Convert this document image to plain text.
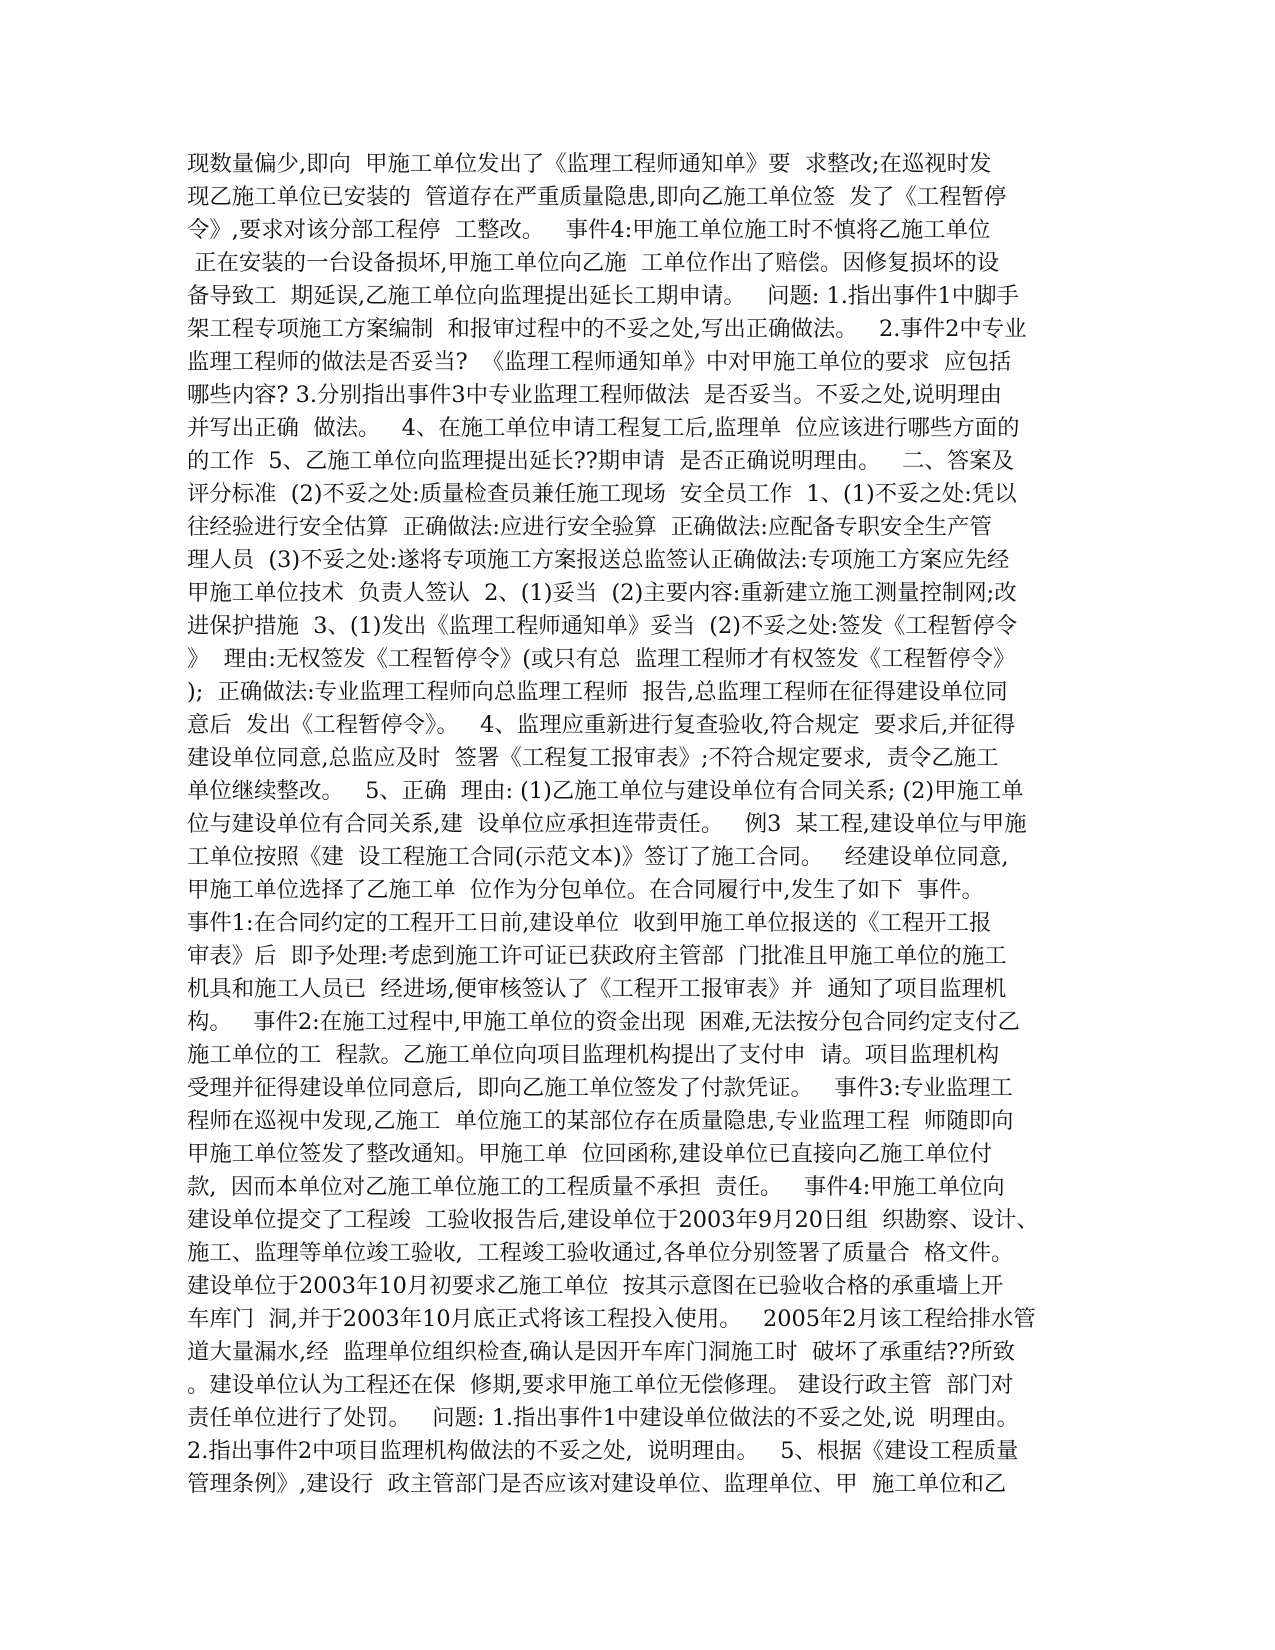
现数量偏少,即向  甲施工单位发出了《监理工程师通知单》要  求整改;在巡视时发
现乙施工单位已安装的  管道存在严重质量隐患,即向乙施工单位签  发了《工程暂停
令》,要求对该分部工程停  工整改。   事件4:甲施工单位施工时不慎将乙施工单位
正在安装的一台设备损坏,甲施工单位向乙施  工单位作出了赔偿。因修复损坏的设
备导致工  期延误,乙施工单位向监理提出延长工期申请。   问题: 1.指出事件1中脚手
架工程专项施工方案编制  和报审过程中的不妥之处,写出正确做法。   2.事件2中专业
监理工程师的做法是否妥当?  《监理工程师通知单》中对甲施工单位的要求  应包括
哪些内容? 3.分别指出事件3中专业监理工程师做法  是否妥当。不妥之处,说明理由
并写出正确  做法。   4、在施工单位申请工程复工后,监理单  位应该进行哪些方面的
的工作  5、乙施工单位向监理提出延长??期申请  是否正确说明理由。   二、答案及
评分标准  (2)不妥之处:质量检查员兼任施工现场  安全员工作  1、(1)不妥之处:凭以
往经验进行安全估算  正确做法:应进行安全验算  正确做法:应配备专职安全生产管
理人员  (3)不妥之处:遂将专项施工方案报送总监签认正确做法:专项施工方案应先经
甲施工单位技术  负责人签认  2、(1)妥当  (2)主要内容:重新建立施工测量控制网;改
进保护措施  3、(1)发出《监理工程师通知单》妥当  (2)不妥之处:签发《工程暂停令
》  理由:无权签发《工程暂停令》(或只有总  监理工程师才有权签发《工程暂停令》
);  正确做法:专业监理工程师向总监理工程师  报告,总监理工程师在征得建设单位同
意后  发出《工程暂停令》。   4、监理应重新进行复查验收,符合规定  要求后,并征得
建设单位同意,总监应及时  签署《工程复工报审表》;不符合规定要求,  责令乙施工
单位继续整改。   5、正确  理由: (1)乙施工单位与建设单位有合同关系; (2)甲施工单
位与建设单位有合同关系,建  设单位应承担连带责任。   例3  某工程,建设单位与甲施
工单位按照《建  设工程施工合同(示范文本)》签订了施工合同。   经建设单位同意,
甲施工单位选择了乙施工单  位作为分包单位。在合同履行中,发生了如下  事件。
事件1:在合同约定的工程开工日前,建设单位  收到甲施工单位报送的《工程开工报
审表》后  即予处理:考虑到施工许可证已获政府主管部  门批准且甲施工单位的施工
机具和施工人员已  经进场,便审核签认了《工程开工报审表》并  通知了项目监理机
构。   事件2:在施工过程中,甲施工单位的资金出现  困难,无法按分包合同约定支付乙
施工单位的工  程款。乙施工单位向项目监理机构提出了支付申  请。项目监理机构
受理并征得建设单位同意后,  即向乙施工单位签发了付款凭证。   事件3:专业监理工
程师在巡视中发现,乙施工  单位施工的某部位存在质量隐患,专业监理工程  师随即向
甲施工单位签发了整改通知。甲施工单  位回函称,建设单位已直接向乙施工单位付
款,  因而本单位对乙施工单位施工的工程质量不承担  责任。   事件4:甲施工单位向
建设单位提交了工程竣  工验收报告后,建设单位于2003年9月20日组  织勘察、设计、
施工、监理等单位竣工验收,  工程竣工验收通过,各单位分别签署了质量合  格文件。
建设单位于2003年10月初要求乙施工单位  按其示意图在已验收合格的承重墙上开
车库门  洞,并于2003年10月底正式将该工程投入使用。   2005年2月该工程给排水管
道大量漏水,经  监理单位组织检查,确认是因开车库门洞施工时  破坏了承重结??所致
。建设单位认为工程还在保  修期,要求甲施工单位无偿修理。 建设行政主管  部门对
责任单位进行了处罚。   问题: 1.指出事件1中建设单位做法的不妥之处,说  明理由。
2.指出事件2中项目监理机构做法的不妥之处,  说明理由。   5、根据《建设工程质量
管理条例》,建设行  政主管部门是否应该对建设单位、监理单位、甲  施工单位和乙
